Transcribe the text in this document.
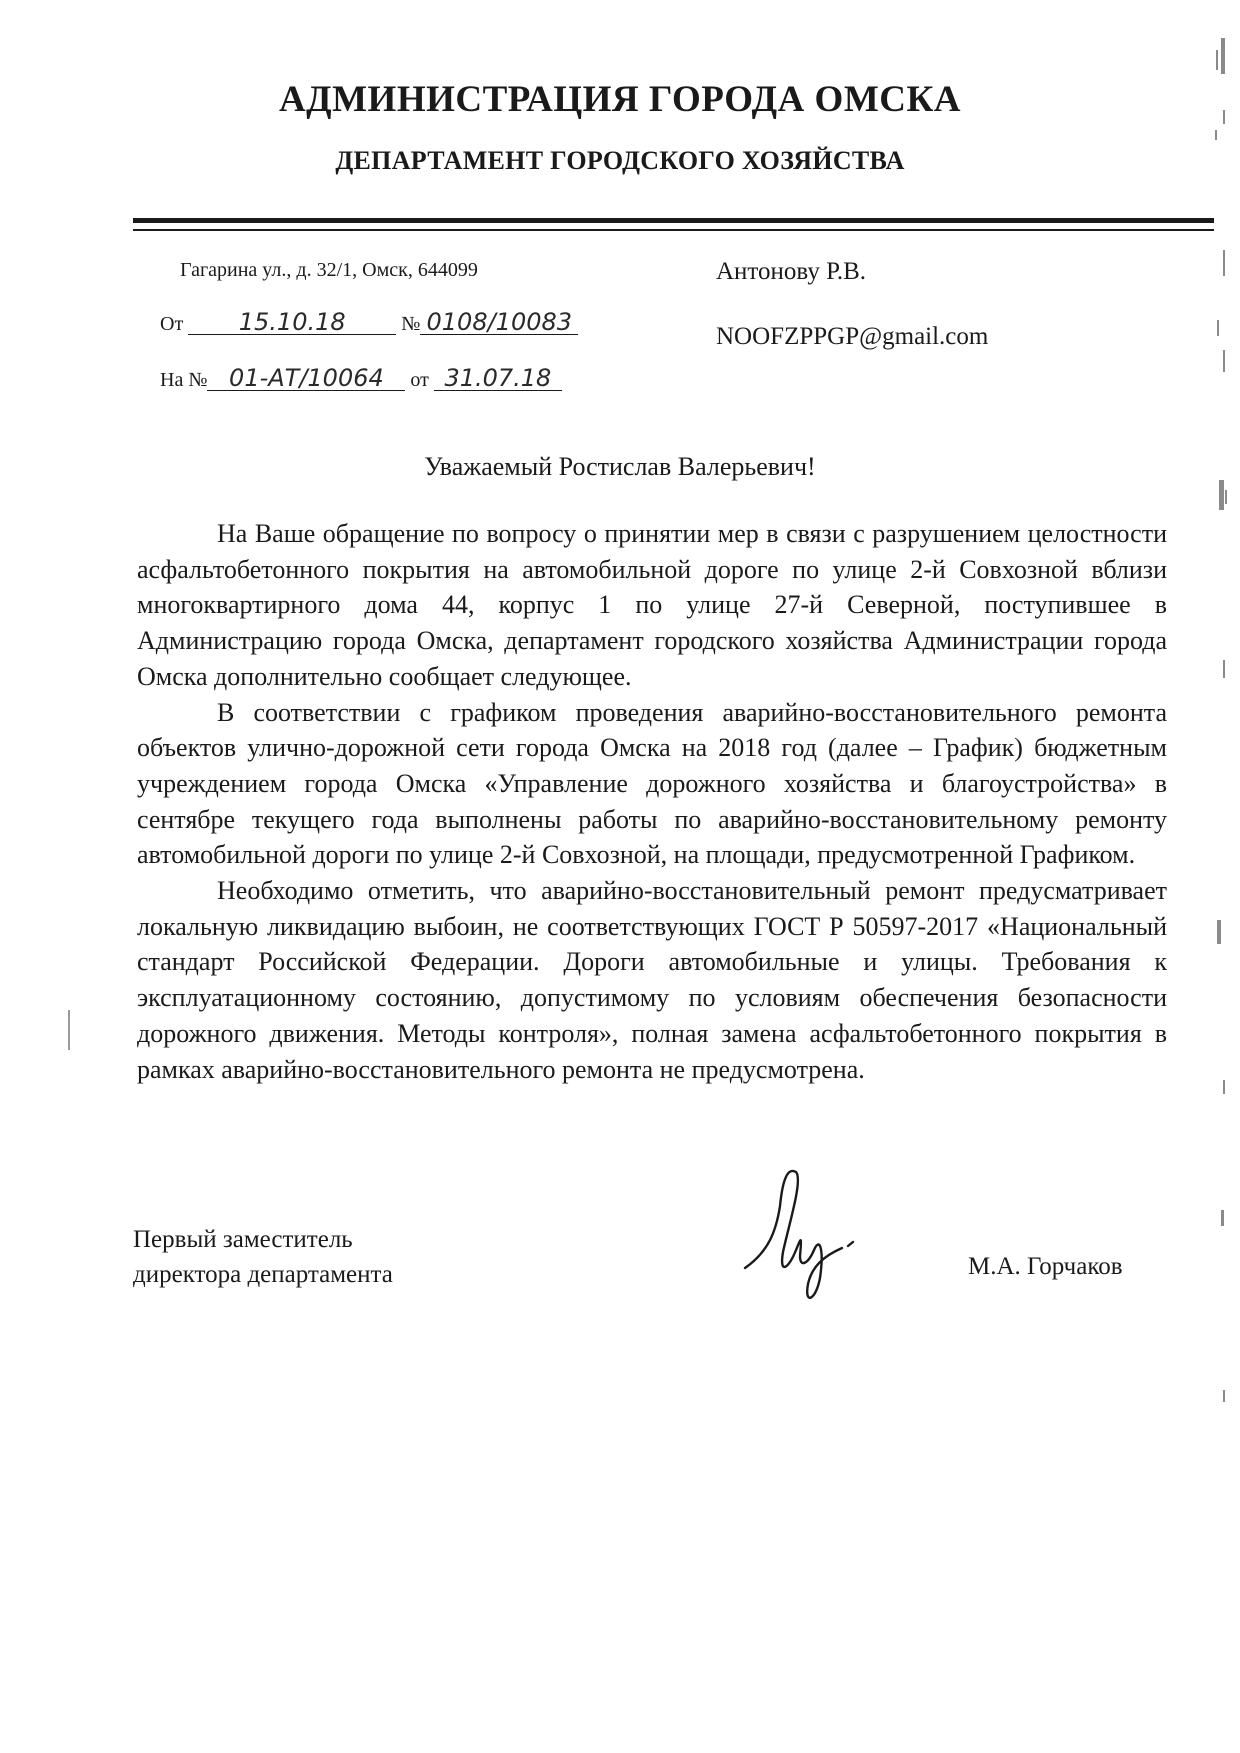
АДМИНИСТРАЦИЯ ГОРОДА ОМСКА
ДЕПАРТАМЕНТ ГОРОДСКОГО ХОЗЯЙСТВА
Гагарина ул., д. 32/1, Омск, 644099
От 15.10.18	№ 0108/10083
На № 01-АТ/10064 от 31.07.18
Антонову Р.В.
NOOFZPPGP@gmail.com
Уважаемый Ростислав Валерьевич!

На Ваше обращение по вопросу о принятии мер в связи с разрушением целостности асфальтобетонного покрытия на автомобильной дороге по улице 2-й Совхозной вблизи многоквартирного дома 44, корпус 1 по улице 27-й Северной, поступившее в Администрацию города Омска, департамент городского хозяйства Администрации города Омска дополнительно сообщает следующее.

В соответствии с графиком проведения аварийно-восстановительного ремонта объектов улично-дорожной сети города Омска на 2018 год (далее – График) бюджетным учреждением города Омска «Управление дорожного хозяйства и благоустройства» в сентябре текущего года выполнены работы по аварийно-восстановительному ремонту автомобильной дороги по улице 2-й Совхозной, на площади, предусмотренной Графиком.

Необходимо отметить, что аварийно-восстановительный ремонт предусматривает локальную ликвидацию выбоин, не соответствующих ГОСТ Р 50597-2017 «Национальный стандарт Российской Федерации. Дороги автомобильные и улицы. Требования к эксплуатационному состоянию, допустимому по условиям обеспечения безопасности дорожного движения. Методы контроля», полная замена асфальтобетонного покрытия в рамках аварийно-восстановительного ремонта не предусмотрена.

Первый заместитель
директора департамента	М.А. Горчаков
